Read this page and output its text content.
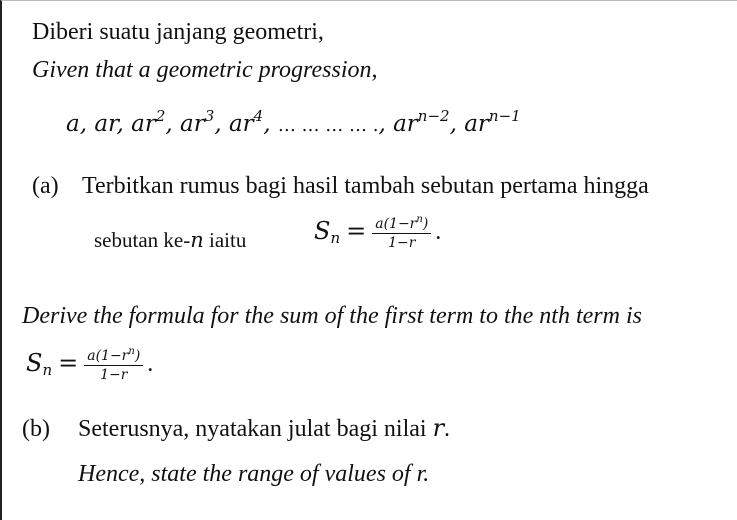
Diberi suatu janjang geometri,
Given that a geometric progression,
a, ar, $ar^2$, $ar^3$, $ar^4$, … … … … ., $ar^{n-2}$, $ar^{n-1}$
(a) Terbitkan rumus bagi hasil tambah sebutan pertama hingga
sebutan ke-n iaitu	$S_n = \frac{a(1-r^n)}{1-r}$ .
Derive the formula for the sum of the first term to the nth term is
$S_n = \frac{a(1-r^n)}{1-r}$ .
(b) Seterusnya, nyatakan julat bagi nilai r.
Hence, state the range of values of r.
